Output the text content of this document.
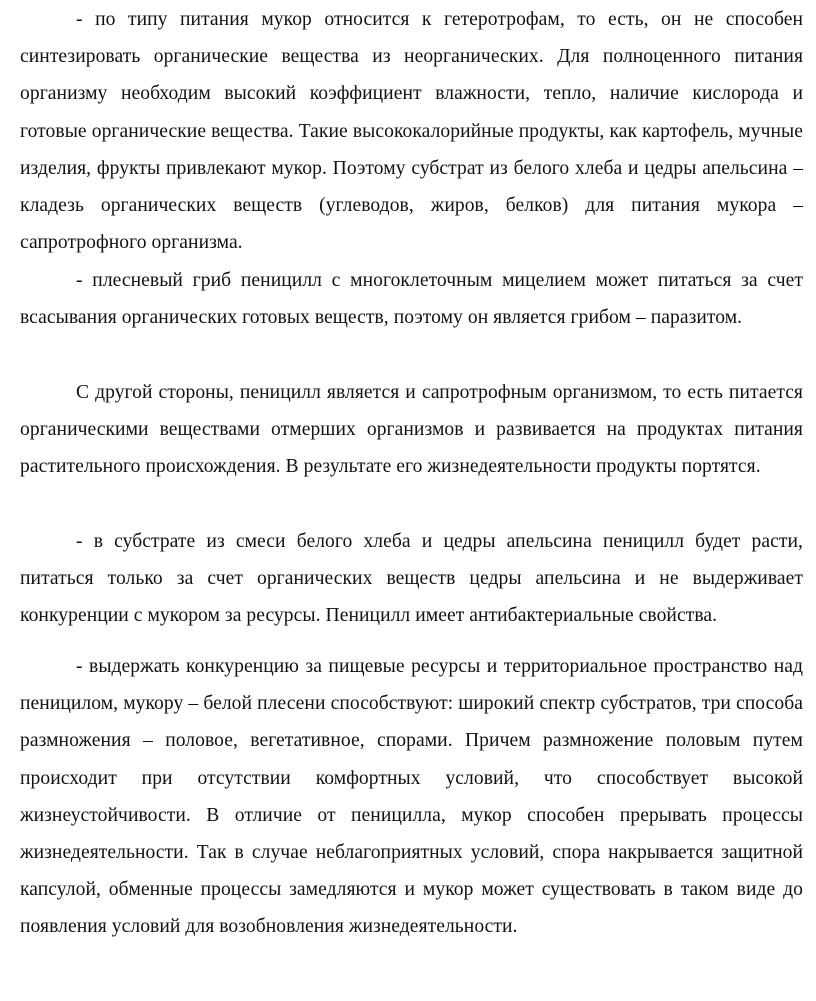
- по типу питания мукор относится к гетеротрофам, то есть, он не способен синтезировать органические вещества из неорганических. Для полноценного питания организму необходим высокий коэффициент влажности, тепло, наличие кислорода и готовые органические вещества. Такие высококалорийные продукты, как картофель, мучные изделия, фрукты привлекают мукор. Поэтому субстрат из белого хлеба и цедры апельсина – кладезь органических веществ (углеводов, жиров, белков) для питания мукора – сапротрофного организма.

- плесневый гриб пеницилл с многоклеточным мицелием может питаться за счет всасывания органических готовых веществ, поэтому он является грибом – паразитом.

С другой стороны, пеницилл является и сапротрофным организмом, то есть питается органическими веществами отмерших организмов и развивается на продуктах питания растительного происхождения. В результате его жизнедеятельности продукты портятся.

- в субстрате из смеси белого хлеба и цедры апельсина пеницилл будет расти, питаться только за счет органических веществ цедры апельсина и не выдерживает конкуренции с мукором за ресурсы. Пеницилл имеет антибактериальные свойства.

- выдержать конкуренцию за пищевые ресурсы и территориальное пространство над пеницилом, мукору – белой плесени способствуют: широкий спектр субстратов, три способа размножения – половое, вегетативное, спорами. Причем размножение половым путем происходит при отсутствии комфортных условий, что способствует высокой жизнеустойчивости. В отличие от пеницилла, мукор способен прерывать процессы жизнедеятельности. Так в случае неблагоприятных условий, спора накрывается защитной капсулой, обменные процессы замедляются и мукор может существовать в таком виде до появления условий для возобновления жизнедеятельности.
